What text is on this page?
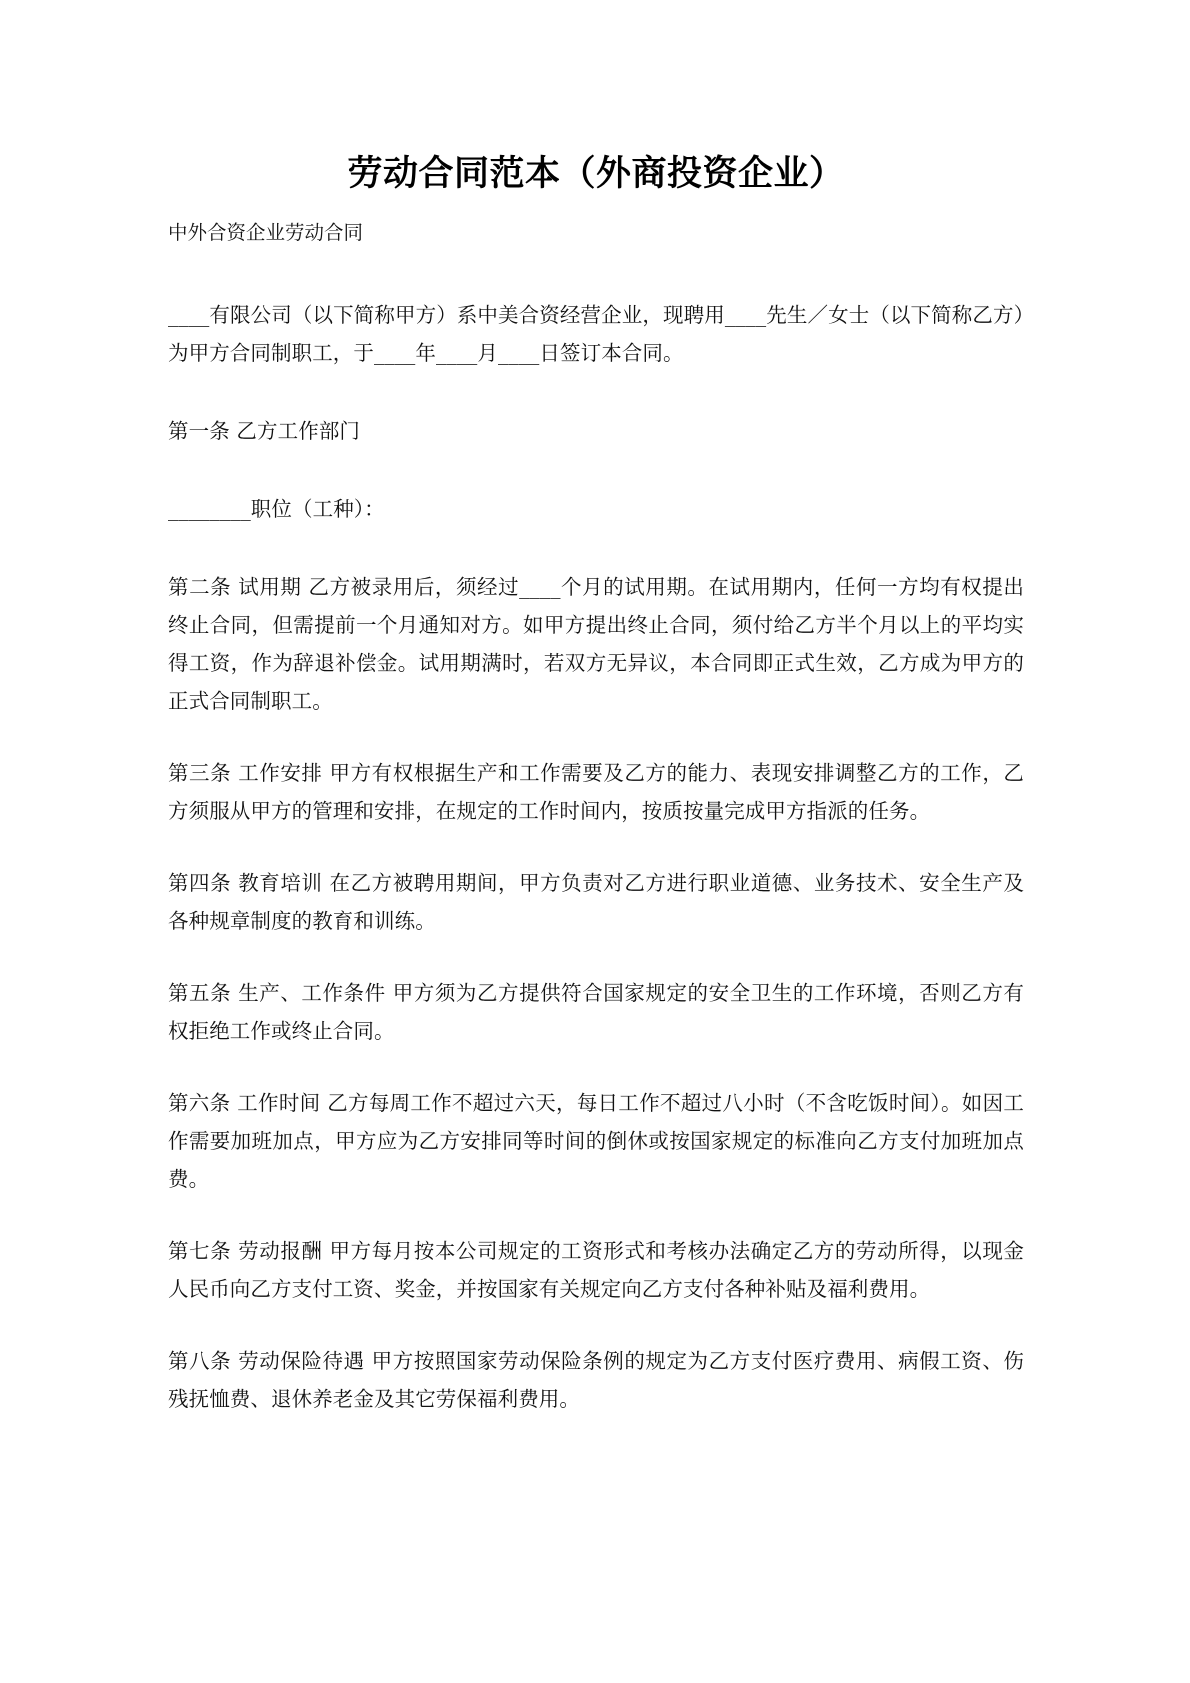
劳动合同范本（外商投资企业）

中外合资企业劳动合同

____有限公司（以下简称甲方）系中美合资经营企业，现聘用____先生／女士（以下简称乙方）为甲方合同制职工，于____年____月____日签订本合同。

第一条 乙方工作部门

________职位（工种）：

第二条 试用期 乙方被录用后，须经过____个月的试用期。在试用期内，任何一方均有权提出终止合同，但需提前一个月通知对方。如甲方提出终止合同，须付给乙方半个月以上的平均实得工资，作为辞退补偿金。试用期满时，若双方无异议，本合同即正式生效，乙方成为甲方的正式合同制职工。

第三条 工作安排 甲方有权根据生产和工作需要及乙方的能力、表现安排调整乙方的工作，乙方须服从甲方的管理和安排，在规定的工作时间内，按质按量完成甲方指派的任务。

第四条 教育培训 在乙方被聘用期间，甲方负责对乙方进行职业道德、业务技术、安全生产及各种规章制度的教育和训练。

第五条 生产、工作条件 甲方须为乙方提供符合国家规定的安全卫生的工作环境，否则乙方有权拒绝工作或终止合同。

第六条 工作时间 乙方每周工作不超过六天，每日工作不超过八小时（不含吃饭时间）。如因工作需要加班加点，甲方应为乙方安排同等时间的倒休或按国家规定的标准向乙方支付加班加点费。

第七条 劳动报酬 甲方每月按本公司规定的工资形式和考核办法确定乙方的劳动所得，以现金人民币向乙方支付工资、奖金，并按国家有关规定向乙方支付各种补贴及福利费用。

第八条 劳动保险待遇 甲方按照国家劳动保险条例的规定为乙方支付医疗费用、病假工资、伤残抚恤费、退休养老金及其它劳保福利费用。
